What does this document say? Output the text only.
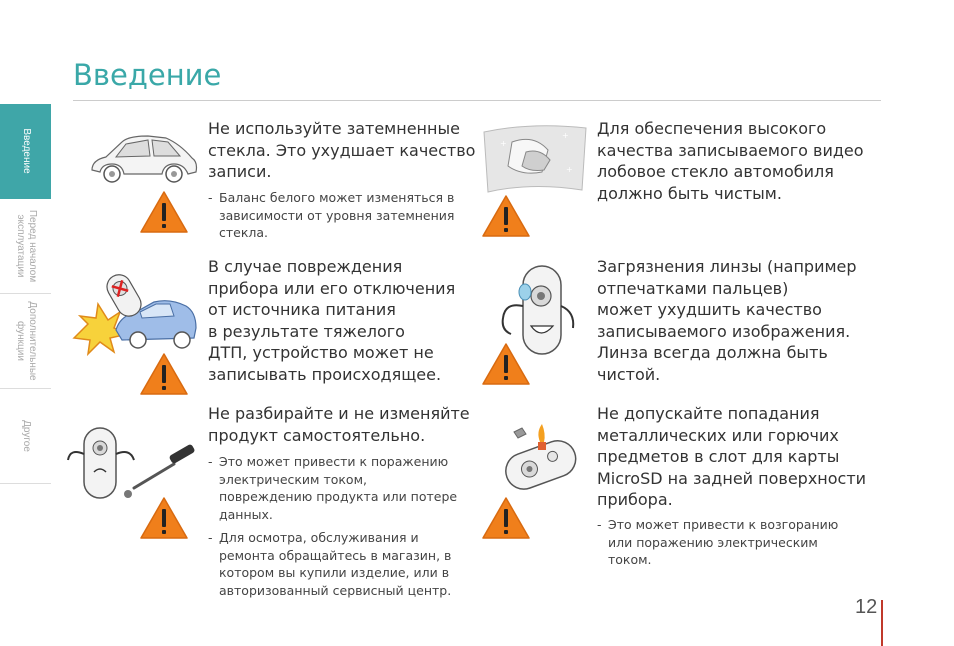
Введение
Введение
Перед началом
эксплуатации
Дополнительные
функции
Другое

Не используйте затемненные
стекла. Это ухудшает качество
записи.

- Баланс белого может изменяться в
зависимости от уровня затемнения
стекла.
+
+
+

Для обеспечения высокого
качества записываемого видео
лобовое стекло автомобиля
должно быть чистым.

В случае повреждения
прибора или его отключения
от источника питания
в результате тяжелого
ДТП, устройство может не
записывать происходящее.

Загрязнения линзы (например
отпечатками пальцев)
может ухудшить качество
записываемого изображения.
Линза всегда должна быть
чистой.

Не разбирайте и не изменяйте
продукт самостоятельно.

- Это может привести к поражению
электрическим током,
повреждению продукта или потере
данных.
- Для осмотра, обслуживания и
ремонта обращайтесь в магазин, в
котором вы купили изделие, или в
авторизованный сервисный центр.

Не допускайте попадания
металлических или горючих
предметов в слот для карты
MicroSD на задней поверхности
прибора.

- Это может привести к возгоранию
или поражению электрическим
током.
12
